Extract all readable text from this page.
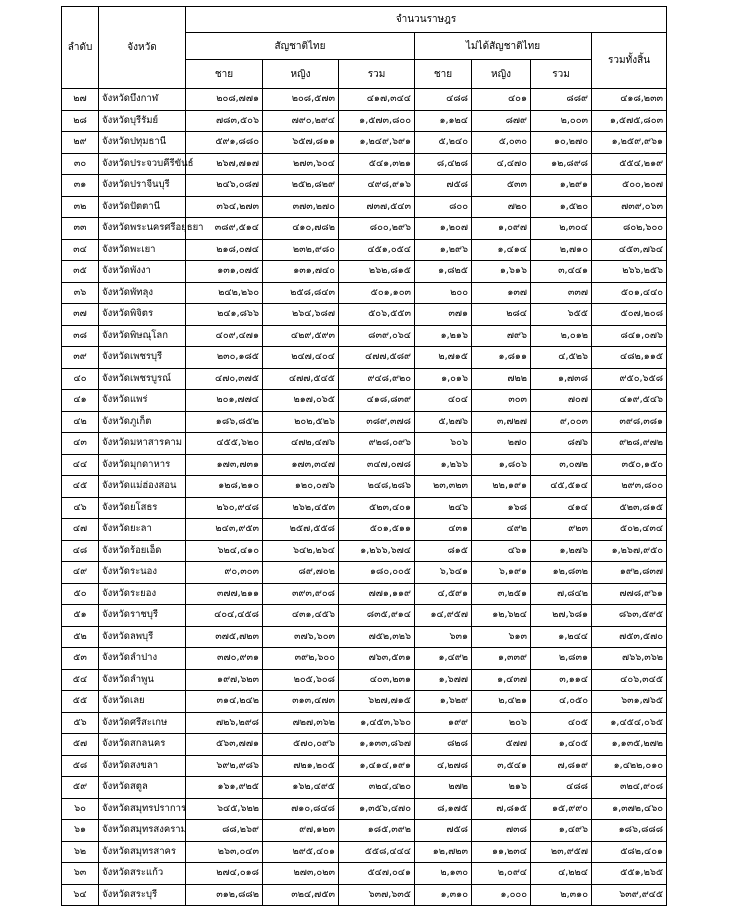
ลำดับ	จังหวัด	จำนวนราษฎร						
		สัญชาติไทย			ไม่ได้สัญชาติไทย			รวมทั้งสิ้น
		ชาย	หญิง	รวม	ชาย	หญิง	รวม	
๒๗	จังหวัดบึงกาฬ	๒๐๘,๗๗๑	๒๐๘,๕๗๓	๔๑๗,๓๔๔	๔๘๘	๔๐๑	๘๘๙	๔๑๘,๒๓๓
๒๘	จังหวัดบุรีรัมย์	๗๘๓,๕๐๖	๗๙๐,๒๙๔	๑,๕๗๓,๘๐๐	๑,๑๒๔	๘๗๙	๒,๐๐๓	๑,๕๗๕,๘๐๓
๒๙	จังหวัดปทุมธานี	๕๙๑,๘๘๐	๖๕๗,๘๑๑	๑,๒๔๙,๖๙๑	๕,๒๔๐	๕,๐๓๐	๑๐,๒๗๐	๑,๒๕๙,๙๖๑
๓๐	จังหวัดประจวบคีรีขันธ์	๒๖๗,๗๑๗	๒๗๓,๖๐๔	๕๔๑,๓๒๑	๘,๔๒๘	๔,๔๗๐	๑๒,๘๙๘	๕๕๔,๒๑๙
๓๑	จังหวัดปราจีนบุรี	๒๔๖,๐๘๗	๒๕๒,๘๒๙	๔๙๘,๙๑๖	๗๕๘	๕๓๓	๑,๒๙๑	๕๐๐,๒๐๗
๓๒	จังหวัดปัตตานี	๓๖๔,๒๗๓	๓๗๓,๒๗๐	๗๓๗,๕๔๓	๘๐๐	๗๒๐	๑,๕๒๐	๗๓๙,๐๖๓
๓๓	จังหวัดพระนครศรีอยุธยา	๓๘๙,๕๑๔	๔๑๐,๗๘๒	๘๐๐,๒๙๖	๑,๒๐๗	๑,๐๙๗	๒,๓๐๔	๘๐๒,๖๐๐
๓๔	จังหวัดพะเยา	๒๑๘,๐๗๔	๒๓๒,๙๘๐	๔๕๑,๐๕๔	๑,๒๙๖	๑,๔๑๔	๒,๗๑๐	๔๕๓,๗๖๔
๓๕	จังหวัดพังงา	๑๓๑,๐๗๕	๑๓๑,๗๔๐	๒๖๒,๘๑๕	๑,๘๒๕	๑,๖๑๖	๓,๔๔๑	๒๖๖,๒๕๖
๓๖	จังหวัดพัทลุง	๒๔๒,๒๖๐	๒๕๘,๘๔๓	๕๐๑,๑๐๓	๒๐๐	๑๓๗	๓๓๗	๕๐๑,๔๔๐
๓๗	จังหวัดพิจิตร	๒๔๑,๘๖๖	๒๖๔,๖๘๗	๕๐๖,๕๕๓	๓๗๑	๒๘๔	๖๕๕	๕๐๗,๒๐๘
๓๘	จังหวัดพิษณุโลก	๔๐๙,๔๗๑	๔๒๙,๕๙๓	๘๓๙,๐๖๔	๑,๒๑๖	๗๙๖	๒,๐๑๒	๘๔๑,๐๗๖
๓๙	จังหวัดเพชรบุรี	๒๓๐,๑๘๕	๒๔๗,๔๐๔	๔๗๗,๕๘๙	๒,๗๑๕	๑,๘๑๑	๔,๕๒๖	๔๘๒,๑๑๕
๔๐	จังหวัดเพชรบูรณ์	๔๗๐,๓๗๕	๔๗๗,๕๔๕	๙๔๘,๙๒๐	๑,๐๑๖	๗๒๒	๑,๗๓๘	๙๕๐,๖๕๘
๔๑	จังหวัดแพร่	๒๐๑,๗๗๔	๒๑๗,๐๖๕	๔๑๘,๘๓๙	๔๐๔	๓๐๓	๗๐๗	๔๑๙,๕๔๖
๔๒	จังหวัดภูเก็ต	๑๘๖,๘๕๒	๒๐๒,๕๒๖	๓๘๙,๓๗๘	๕,๒๗๖	๓,๗๒๗	๙,๐๐๓	๓๙๘,๓๘๑
๔๓	จังหวัดมหาสารคาม	๔๕๕,๖๒๐	๔๗๒,๔๗๖	๙๒๘,๐๙๖	๖๐๖	๒๗๐	๘๗๖	๙๒๘,๙๗๒
๔๔	จังหวัดมุกดาหาร	๑๗๓,๗๓๑	๑๗๓,๓๔๗	๓๔๗,๐๗๘	๑,๒๖๖	๑,๘๐๖	๓,๐๗๒	๓๕๐,๑๕๐
๔๕	จังหวัดแม่ฮ่องสอน	๑๒๘,๒๑๐	๑๒๐,๐๗๖	๒๔๘,๒๘๖	๒๓,๓๒๓	๒๒,๑๙๑	๔๕,๕๑๔	๒๙๓,๘๐๐
๔๖	จังหวัดยโสธร	๒๖๐,๙๔๘	๒๖๒,๔๕๓	๕๒๓,๔๐๑	๒๔๖	๑๖๘	๔๑๔	๕๒๓,๘๑๕
๔๗	จังหวัดยะลา	๒๔๓,๙๕๓	๒๕๗,๕๕๘	๕๐๑,๕๑๑	๔๓๑	๔๙๒	๙๒๓	๕๐๒,๔๓๔
๔๘	จังหวัดร้อยเอ็ด	๖๒๔,๔๑๐	๖๔๒,๒๖๔	๑,๒๖๖,๖๗๔	๘๑๕	๔๖๑	๑,๒๗๖	๑,๒๖๗,๙๕๐
๔๙	จังหวัดระนอง	๙๐,๓๐๓	๘๙,๗๐๒	๑๘๐,๐๐๕	๖,๖๔๑	๖,๑๙๑	๑๒,๘๓๒	๑๙๒,๘๓๗
๕๐	จังหวัดระยอง	๓๗๗,๒๑๑	๓๙๓,๙๐๘	๗๗๑,๑๑๙	๔,๕๙๑	๓,๒๕๑	๗,๘๔๒	๗๗๘,๙๖๑
๕๑	จังหวัดราชบุรี	๔๐๔,๔๕๘	๔๓๑,๔๕๖	๘๓๕,๙๑๔	๑๔,๙๕๗	๑๒,๖๒๔	๒๗,๖๘๑	๘๖๓,๕๙๕
๕๒	จังหวัดลพบุรี	๓๗๕,๗๒๓	๓๗๖,๖๐๓	๗๕๒,๓๒๖	๖๓๑	๖๑๓	๑,๒๔๔	๗๕๓,๕๗๐
๕๓	จังหวัดลำปาง	๓๗๐,๙๓๑	๓๙๒,๖๐๐	๗๖๓,๕๓๑	๑,๔๙๒	๑,๓๓๙	๒,๘๓๑	๗๖๖,๓๖๒
๕๔	จังหวัดลำพูน	๑๙๗,๖๒๓	๒๐๕,๖๐๘	๔๐๓,๒๓๑	๑,๖๗๗	๑,๔๓๗	๓,๑๑๔	๔๐๖,๓๔๕
๕๕	จังหวัดเลย	๓๑๔,๒๔๒	๓๑๓,๔๗๓	๖๒๗,๗๑๕	๑,๖๒๙	๒,๔๒๑	๔,๐๕๐	๖๓๑,๗๖๕
๕๖	จังหวัดศรีสะเกษ	๗๒๖,๒๙๘	๗๒๗,๓๖๒	๑,๔๕๓,๖๖๐	๑๙๙	๒๐๖	๔๐๕	๑,๔๕๔,๐๖๕
๕๗	จังหวัดสกลนคร	๕๖๓,๗๗๑	๕๗๐,๐๙๖	๑,๑๓๓,๘๖๗	๘๒๘	๕๗๗	๑,๔๐๕	๑,๑๓๕,๒๗๒
๕๘	จังหวัดสงขลา	๖๙๒,๙๘๖	๗๒๑,๒๐๕	๑,๔๑๔,๑๙๑	๔,๒๗๘	๓,๕๔๑	๗,๘๑๙	๑,๔๒๒,๐๑๐
๕๙	จังหวัดสตูล	๑๖๑,๙๒๕	๑๖๒,๔๙๕	๓๒๔,๔๒๐	๒๗๒	๒๑๖	๔๘๘	๓๒๔,๙๐๘
๖๐	จังหวัดสมุทรปราการ	๖๔๕,๖๒๒	๗๑๐,๘๔๘	๑,๓๕๖,๔๗๐	๘,๑๗๕	๗,๘๑๕	๑๕,๙๙๐	๑,๓๗๒,๔๖๐
๖๑	จังหวัดสมุทรสงคราม	๘๘,๒๖๙	๙๗,๑๒๓	๑๘๕,๓๙๒	๗๕๘	๗๓๘	๑,๔๙๖	๑๘๖,๘๘๘
๖๒	จังหวัดสมุทรสาคร	๒๖๓,๐๔๓	๒๙๕,๔๐๑	๕๕๘,๔๔๔	๑๒,๗๒๓	๑๑,๒๓๔	๒๓,๙๕๗	๕๘๒,๔๐๑
๖๓	จังหวัดสระแก้ว	๒๗๔,๐๑๘	๒๗๓,๐๒๓	๕๔๗,๐๔๑	๒,๑๓๐	๒,๐๙๔	๔,๒๒๔	๕๕๑,๒๖๕
๖๔	จังหวัดสระบุรี	๓๑๒,๘๘๒	๓๒๔,๗๕๓	๖๓๗,๖๓๕	๑,๓๑๐	๑,๐๐๐	๒,๓๑๐	๖๓๙,๙๔๕
